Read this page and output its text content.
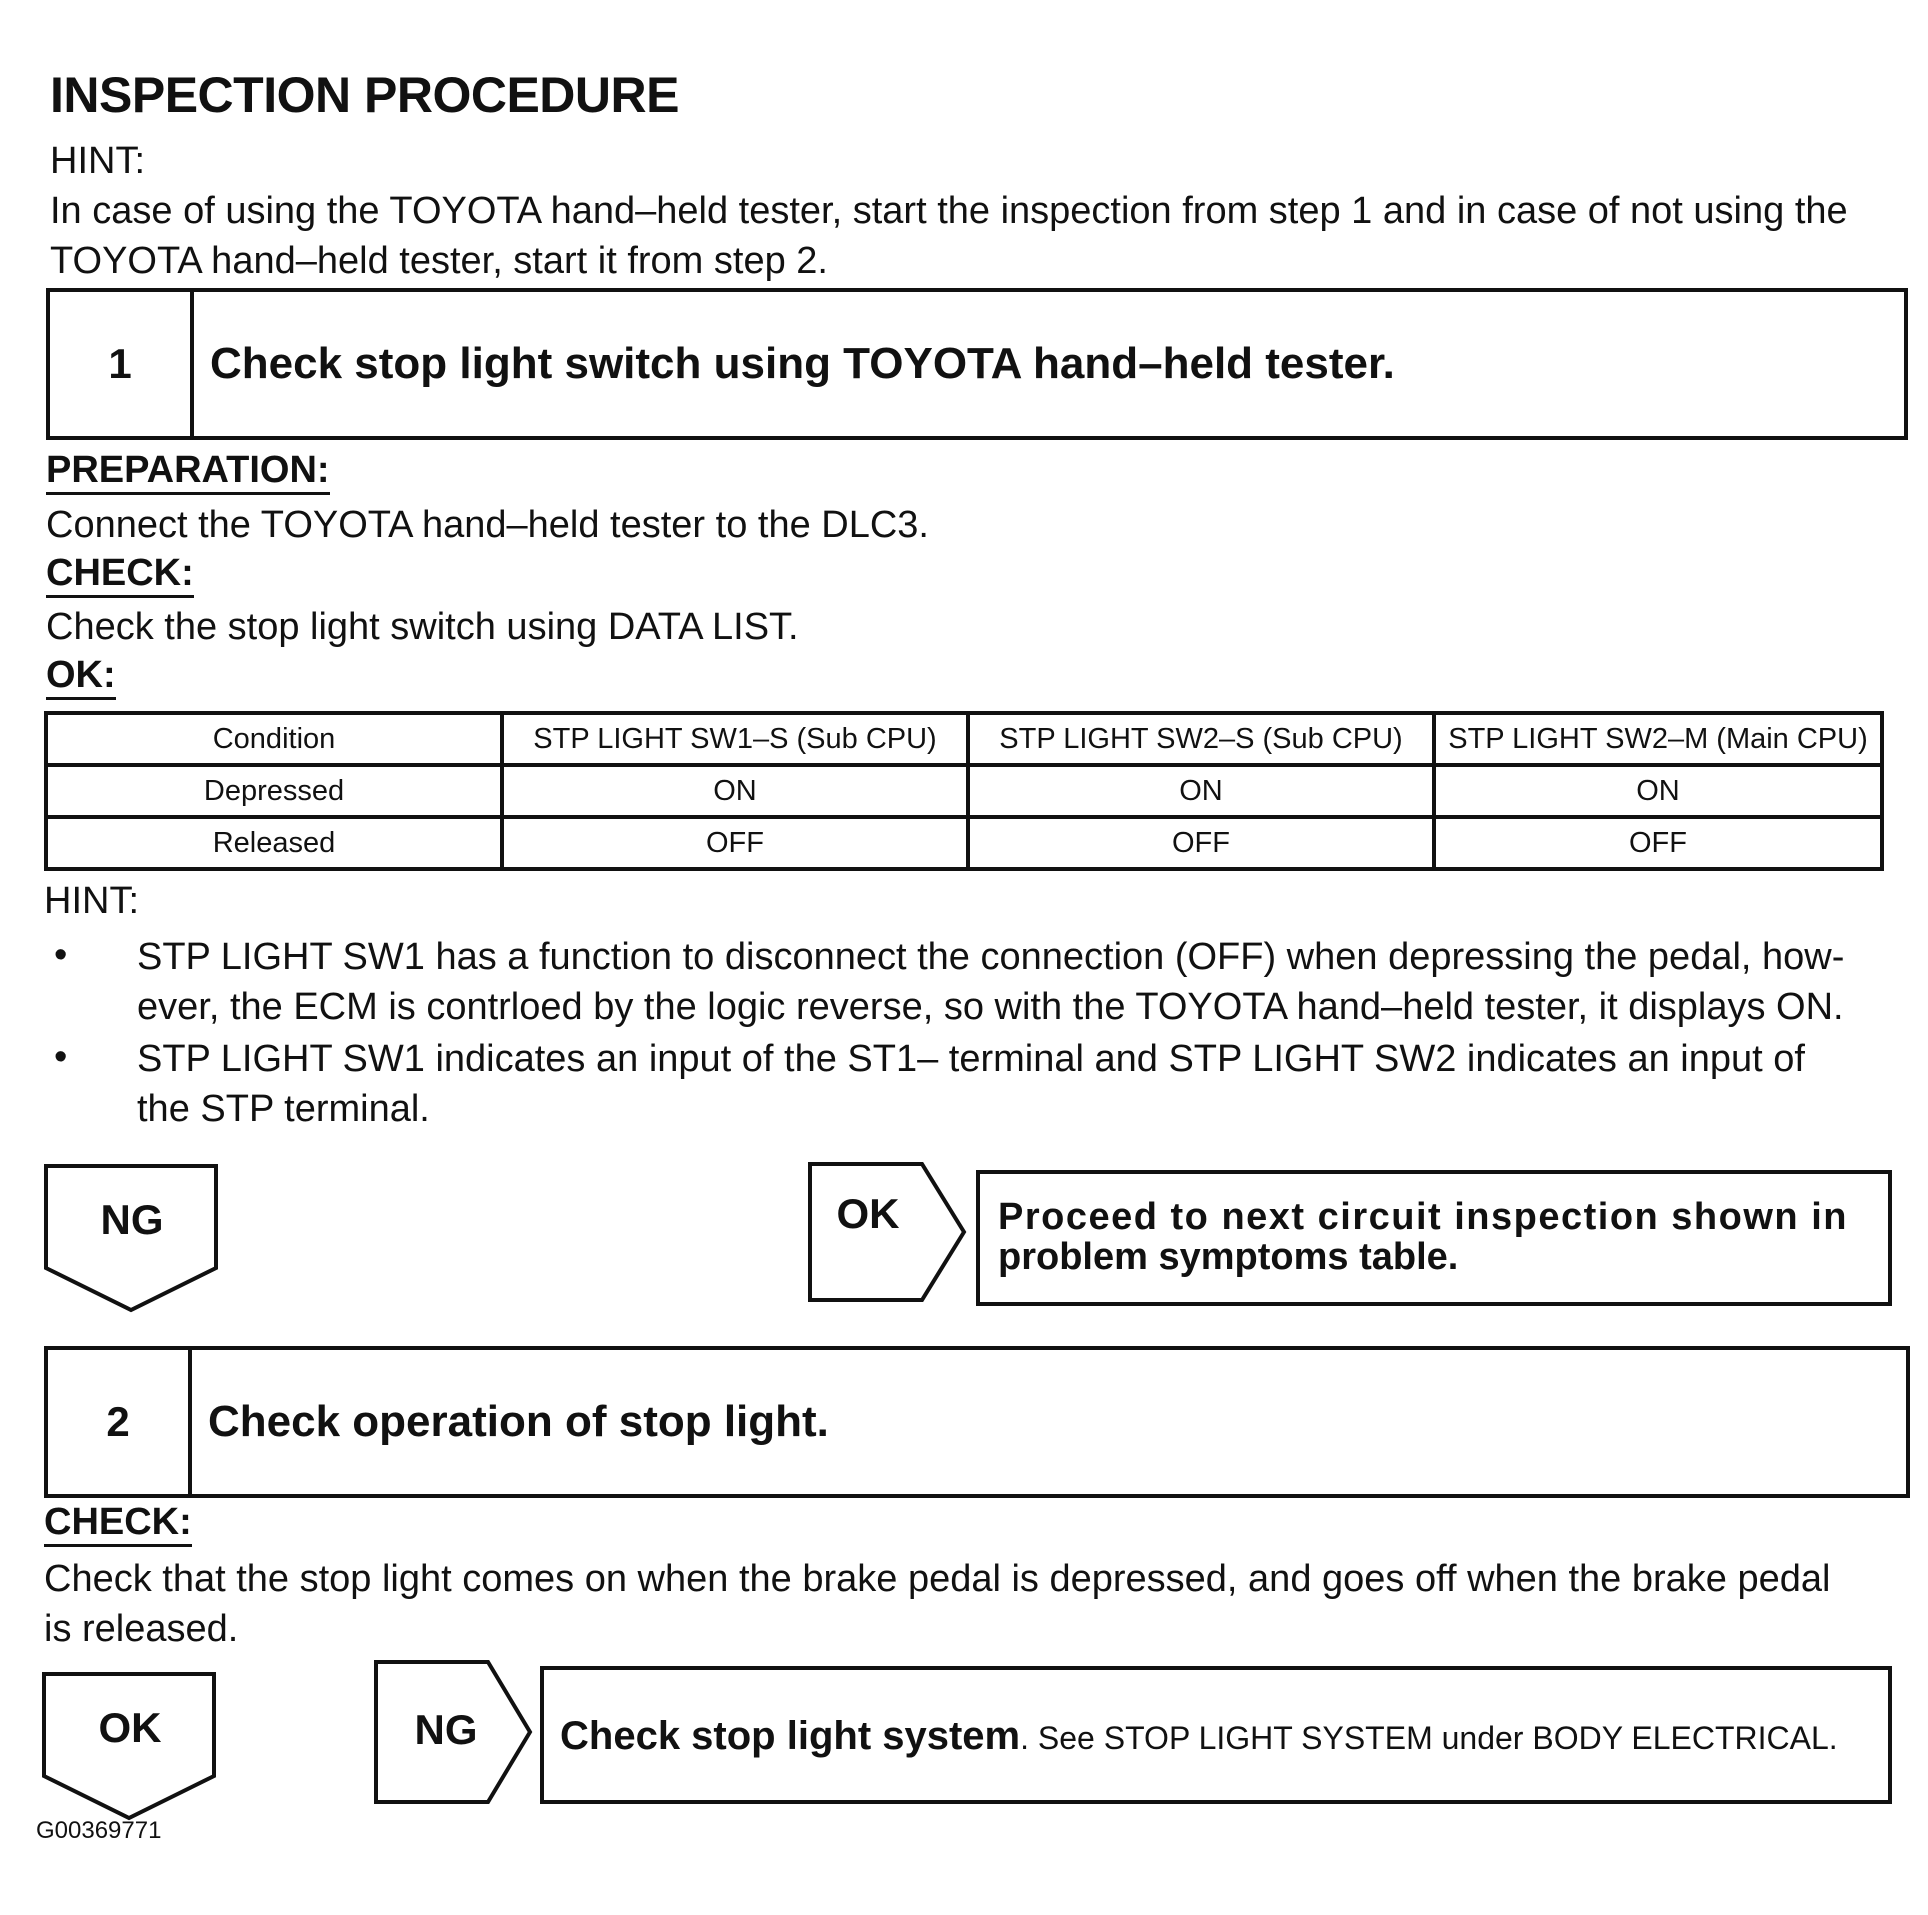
INSPECTION PROCEDURE
HINT:
In case of using the TOYOTA hand–held tester, start the inspection from step 1 and in case of not using the
TOYOTA hand–held tester, start it from step 2.
1	Check stop light switch using TOYOTA hand–held tester.
PREPARATION:
Connect the TOYOTA hand–held tester to the DLC3.
CHECK:
Check the stop light switch using DATA LIST.
OK:
Condition	STP LIGHT SW1–S (Sub CPU)	STP LIGHT SW2–S (Sub CPU)	STP LIGHT SW2–M (Main CPU)
Depressed	ON	ON	ON
Released	OFF	OFF	OFF
HINT:
• STP LIGHT SW1 has a function to disconnect the connection (OFF) when depressing the pedal, how-
ever, the ECM is contrloed by the logic reverse, so with the TOYOTA hand–held tester, it displays ON.
• STP LIGHT SW1 indicates an input of the ST1– terminal and STP LIGHT SW2 indicates an input of
the STP terminal.
NG	OK	Proceed to next circuit inspection shown in
problem symptoms table.
2	Check operation of stop light.
CHECK:
Check that the stop light comes on when the brake pedal is depressed, and goes off when the brake pedal
is released.
OK	NG	Check stop light system. See STOP LIGHT SYSTEM under BODY ELECTRICAL.
G00369771
